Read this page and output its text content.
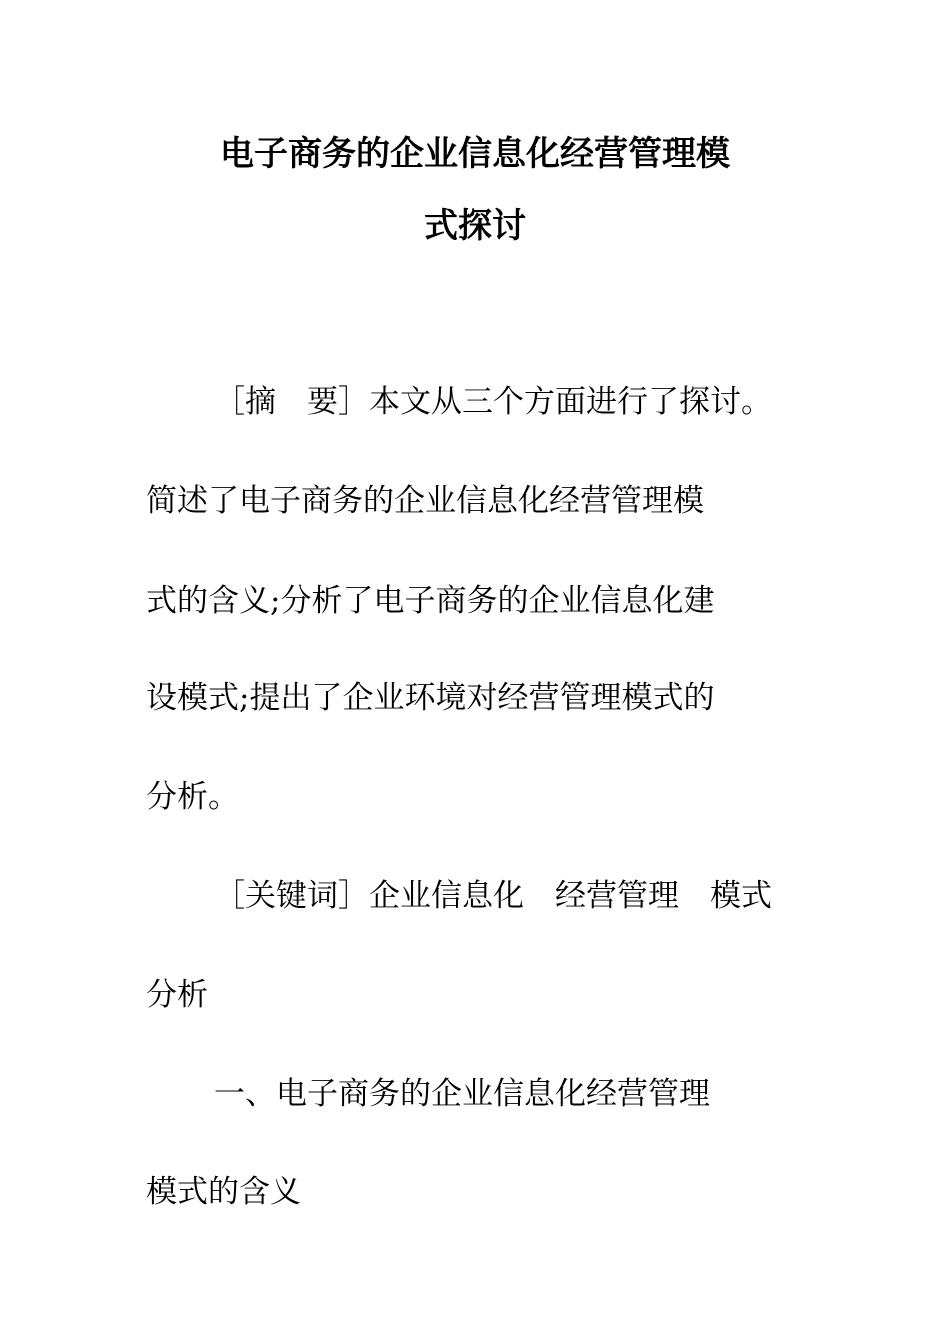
电子商务的企业信息化经营管理模
式探讨
［摘　要］本文从三个方面进行了探讨。
简述了电子商务的企业信息化经营管理模
式的含义;分析了电子商务的企业信息化建
设模式;提出了企业环境对经营管理模式的
分析。
［关键词］企业信息化　经营管理　模式
分析
一、电子商务的企业信息化经营管理
模式的含义
